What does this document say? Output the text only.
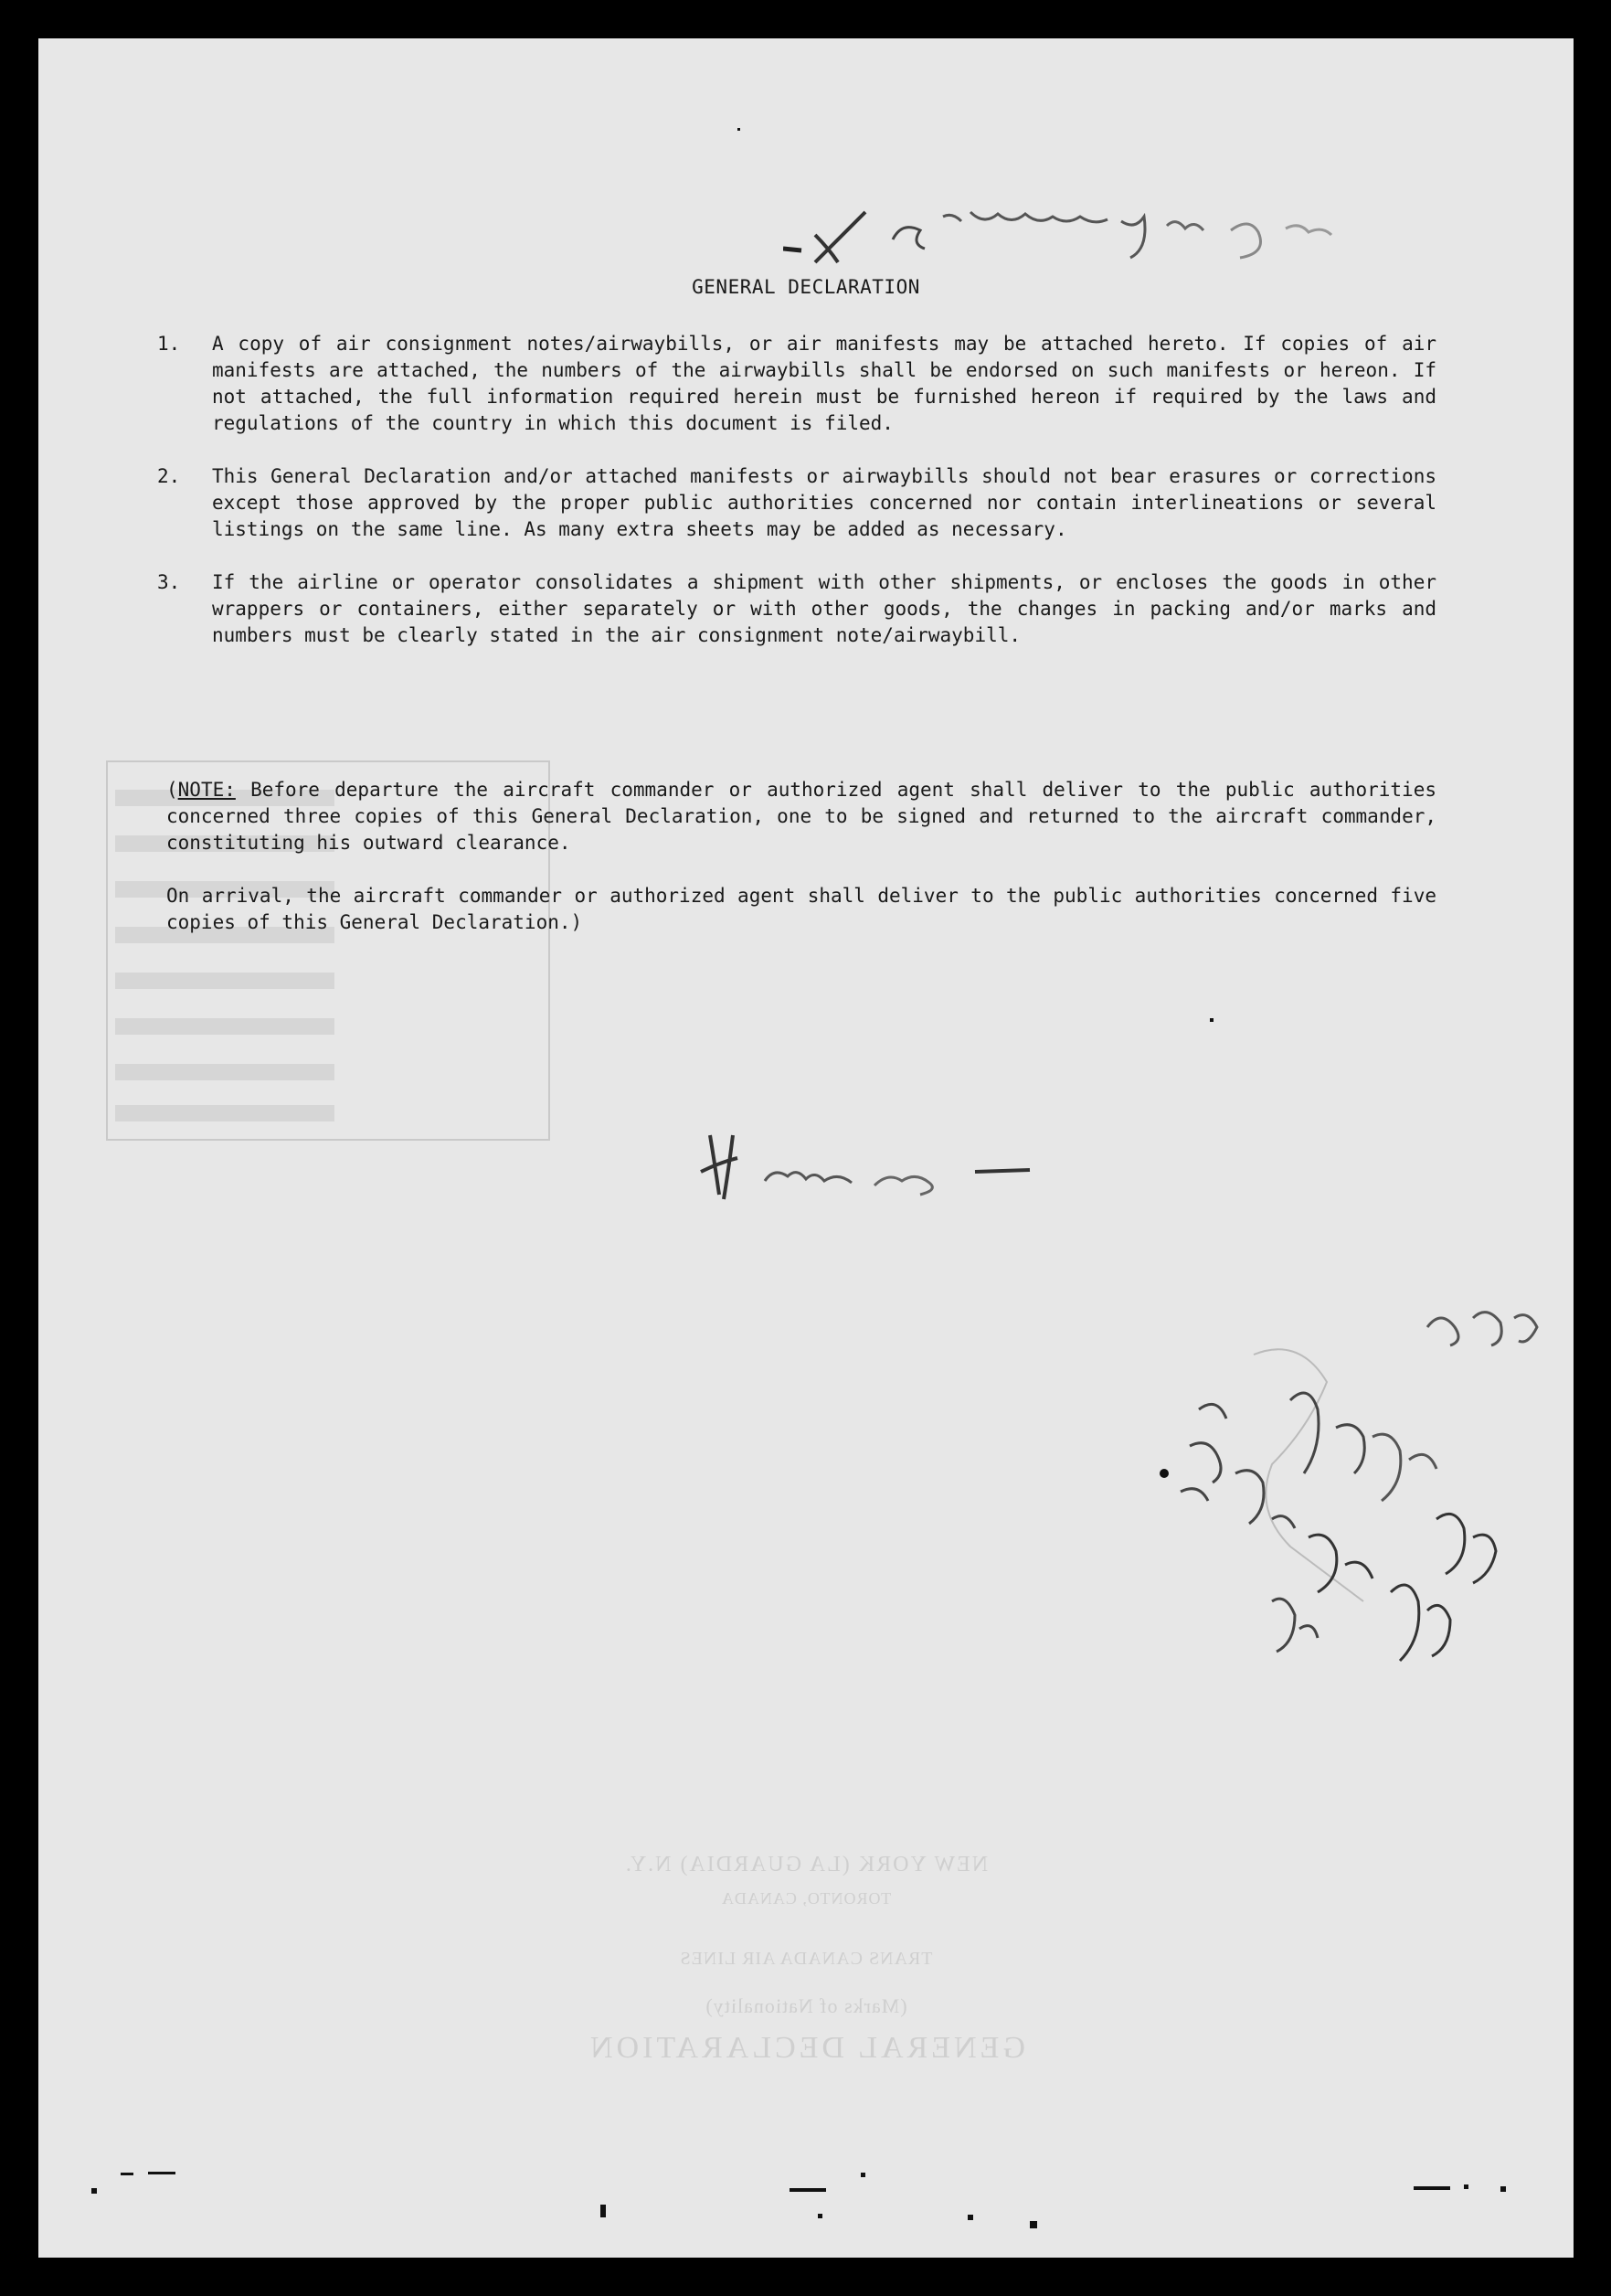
GENERAL DECLARATION
1.	A copy of air consignment notes/airwaybills, or air manifests may be attached hereto. If copies of air manifests are attached, the numbers of the airwaybills shall be endorsed on such manifests or hereon. If not attached, the full information required herein must be furnished hereon if required by the laws and regulations of the country in which this document is filed.
2.	This General Declaration and/or attached manifests or airwaybills should not bear erasures or corrections except those approved by the proper public authorities concerned nor contain interlineations or several listings on the same line. As many extra sheets may be added as necessary.
3.	If the airline or operator consolidates a shipment with other shipments, or encloses the goods in other wrappers or containers, either separately or with other goods, the changes in packing and/or marks and numbers must be clearly stated in the air consignment note/airwaybill.

(NOTE: Before departure the aircraft commander or authorized agent shall deliver to the public authorities concerned three copies of this General Declaration, one to be signed and returned to the aircraft commander, constituting his outward clearance.

On arrival, the aircraft commander or authorized agent shall deliver to the public authorities concerned five copies of this General Declaration.)

NEW YORK (LA GUARDIA) N.Y.
TORONTO, CANADA
TRANS CANADA AIR LINES
(Marks of Nationality)
GENERAL DECLARATION
